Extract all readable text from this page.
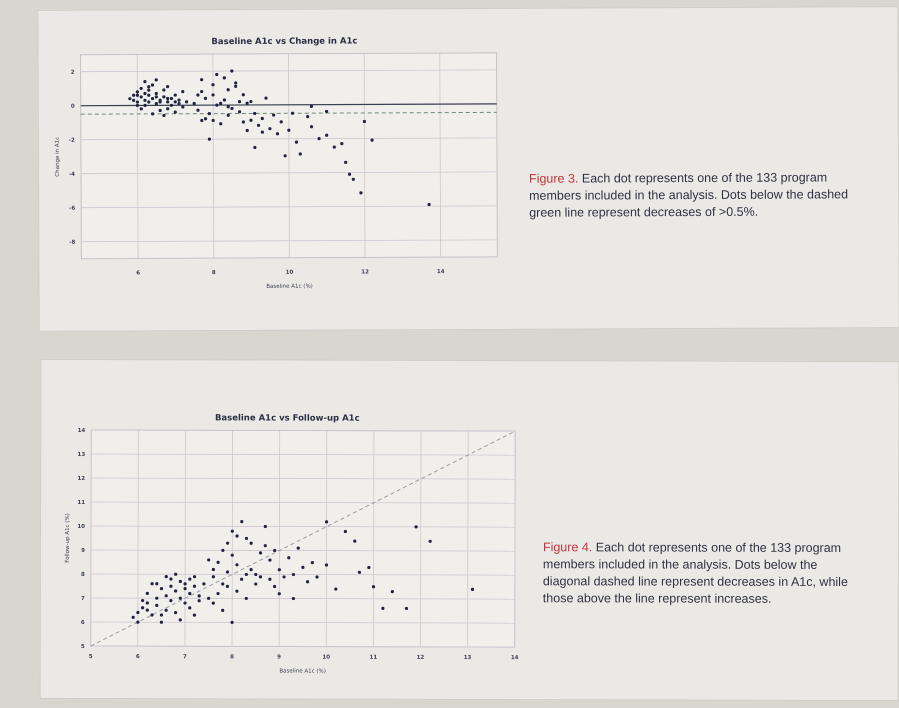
6	8	10	12	14
2
0
-2
-4
-6
-8
Baseline A1c vs Change in A1c
Baseline A1c (%)
Change in A1c

Figure 3. Each dot represents one of the 133 program members included in the analysis. Dots below the dashed green line represent decreases of >0.5%.

5	6	7	8	9	10	11	12	13	14
5
6
7
8
9
10
11
12
13
14
Baseline A1c vs Follow-up A1c
Baseline A1c (%)
Follow-up A1c (%)	Figure 4. Each dot represents one of the 133 program members included in the analysis. Dots below the diagonal dashed line represent decreases in A1c, while those above the line represent increases.
